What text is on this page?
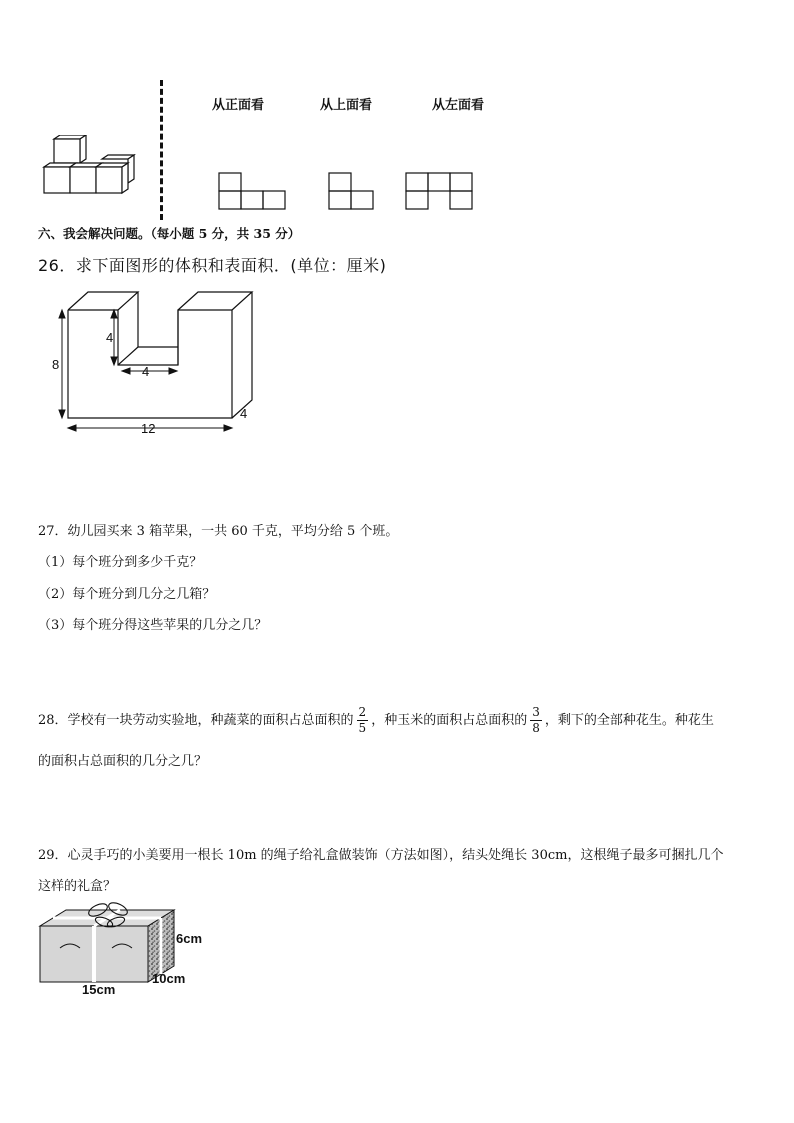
从正面看	从上面看	从左面看
六、我会解决问题。（每小题 5 分，共 35 分）
26．求下面图形的体积和表面积．(单位：厘米)
8
4
4
12
4
27．幼儿园买来 3 箱苹果，一共 60 千克，平均分给 5 个班。
（1）每个班分到多少千克？
（2）每个班分到几分之几箱？
（3）每个班分得这些苹果的几分之几？
28．学校有一块劳动实验地，种蔬菜的面积占总面积的 $\frac{2}{5}$ ，种玉米的面积占总面积的 $\frac{3}{8}$ ，剩下的全部种花生。种花生
的面积占总面积的几分之几？
29．心灵手巧的小美要用一根长 10m 的绳子给礼盒做装饰（方法如图），结头处绳长 30cm，这根绳子最多可捆扎几个
这样的礼盒？
6cm
10cm
15cm
